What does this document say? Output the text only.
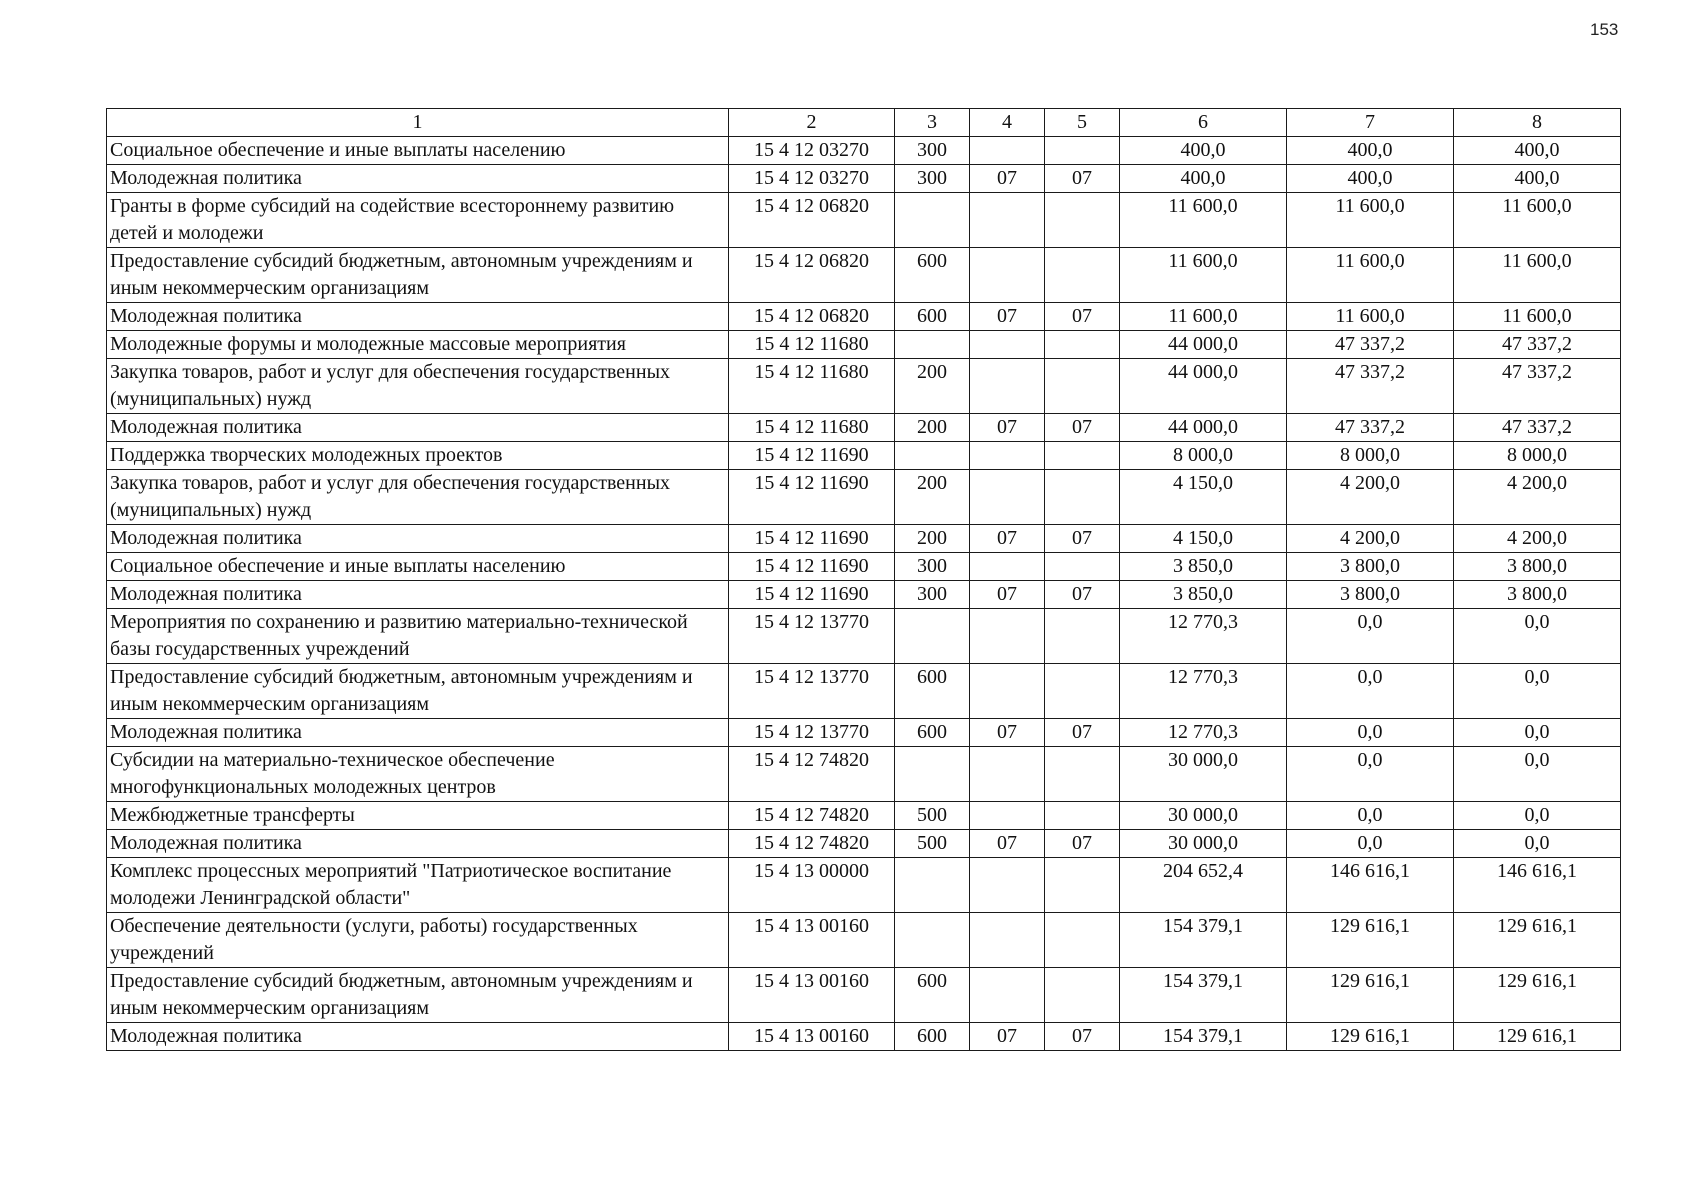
153
1	2	3	4	5	6	7	8
Социальное обеспечение и иные выплаты населению	15 4 12 03270	300			400,0	400,0	400,0
Молодежная политика	15 4 12 03270	300	07	07	400,0	400,0	400,0
Гранты в форме субсидий на содействие всестороннему развитию детей и молодежи	15 4 12 06820				11 600,0	11 600,0	11 600,0
Предоставление субсидий бюджетным, автономным учреждениям и иным некоммерческим организациям	15 4 12 06820	600			11 600,0	11 600,0	11 600,0
Молодежная политика	15 4 12 06820	600	07	07	11 600,0	11 600,0	11 600,0
Молодежные форумы и молодежные массовые мероприятия	15 4 12 11680				44 000,0	47 337,2	47 337,2
Закупка товаров, работ и услуг для обеспечения государственных (муниципальных) нужд	15 4 12 11680	200			44 000,0	47 337,2	47 337,2
Молодежная политика	15 4 12 11680	200	07	07	44 000,0	47 337,2	47 337,2
Поддержка творческих молодежных проектов	15 4 12 11690				8 000,0	8 000,0	8 000,0
Закупка товаров, работ и услуг для обеспечения государственных (муниципальных) нужд	15 4 12 11690	200			4 150,0	4 200,0	4 200,0
Молодежная политика	15 4 12 11690	200	07	07	4 150,0	4 200,0	4 200,0
Социальное обеспечение и иные выплаты населению	15 4 12 11690	300			3 850,0	3 800,0	3 800,0
Молодежная политика	15 4 12 11690	300	07	07	3 850,0	3 800,0	3 800,0
Мероприятия по сохранению и развитию материально-технической базы государственных учреждений	15 4 12 13770				12 770,3	0,0	0,0
Предоставление субсидий бюджетным, автономным учреждениям и иным некоммерческим организациям	15 4 12 13770	600			12 770,3	0,0	0,0
Молодежная политика	15 4 12 13770	600	07	07	12 770,3	0,0	0,0
Субсидии на материально-техническое обеспечение многофункциональных молодежных центров	15 4 12 74820				30 000,0	0,0	0,0
Межбюджетные трансферты	15 4 12 74820	500			30 000,0	0,0	0,0
Молодежная политика	15 4 12 74820	500	07	07	30 000,0	0,0	0,0
Комплекс процессных мероприятий "Патриотическое воспитание молодежи Ленинградской области"	15 4 13 00000				204 652,4	146 616,1	146 616,1
Обеспечение деятельности (услуги, работы) государственных учреждений	15 4 13 00160				154 379,1	129 616,1	129 616,1
Предоставление субсидий бюджетным, автономным учреждениям и иным некоммерческим организациям	15 4 13 00160	600			154 379,1	129 616,1	129 616,1
Молодежная политика	15 4 13 00160	600	07	07	154 379,1	129 616,1	129 616,1
